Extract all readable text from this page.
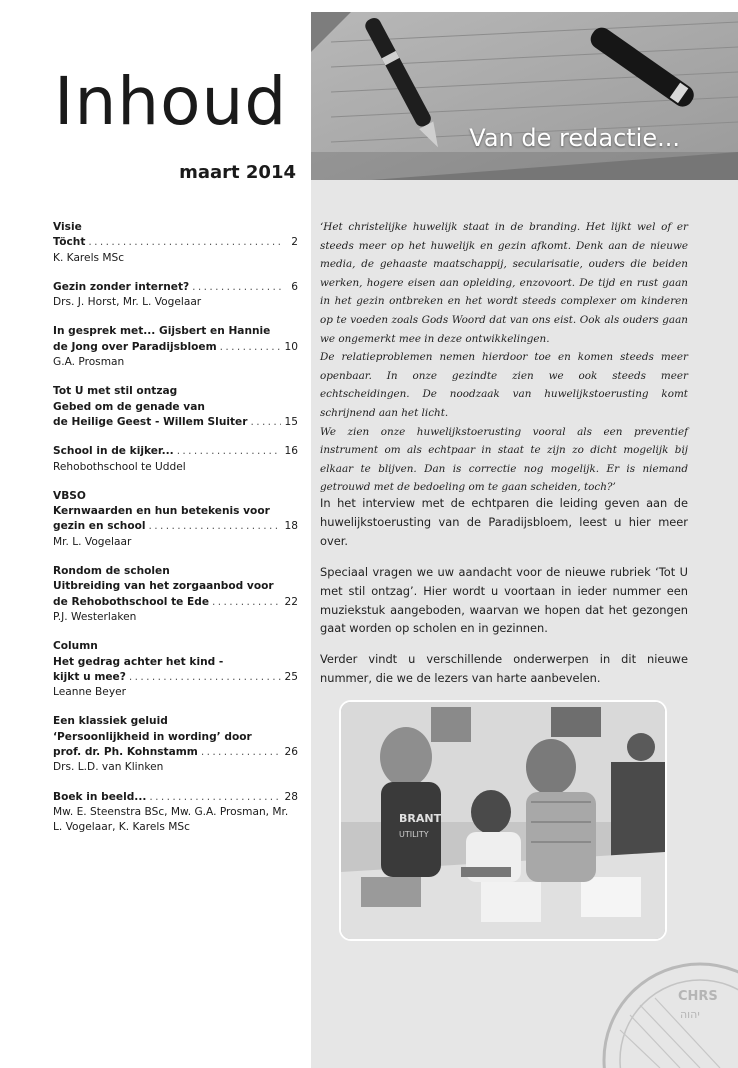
Inhoud
maart 2014
Visie
Töcht . . .	2
K. Karels MSc
Gezin zonder internet? . . .	6
Drs. J. Horst, Mr. L. Vogelaar
In gesprek met... Gijsbert en Hannie
de Jong over Paradijsbloem . . .	10
G.A. Prosman
Tot U met stil ontzag
Gebed om de genade van
de Heilige Geest - Willem Sluiter . . .	15
School in de kijker... . . .	16
Rehobothschool te Uddel
VBSO
Kernwaarden en hun betekenis voor
gezin en school . . .	18
Mr. L. Vogelaar
Rondom de scholen
Uitbreiding van het zorgaanbod voor
de Rehobothschool te Ede . . .	22
P.J. Westerlaken
Column
Het gedrag achter het kind -
kijkt u mee? . . .	25
Leanne Beyer
Een klassiek geluid
‘Persoonlijkheid in wording’ door
prof. dr. Ph. Kohnstamm . . .	26
Drs. L.D. van Klinken
Boek in beeld... . . .	28
Mw. E. Steenstra BSc, Mw. G.A. Prosman, Mr. L. Vogelaar, K. Karels MSc
Van de redactie...

‘Het christelijke huwelijk staat in de branding. Het lijkt wel of er steeds meer op het huwelijk en gezin afkomt. Denk aan de nieuwe media, de gehaaste maatschappij, secularisatie, ouders die beiden werken, hogere eisen aan opleiding, enzovoort. De tijd en rust gaan in het gezin ontbreken en het wordt steeds complexer om kinderen op te voeden zoals Gods Woord dat van ons eist. Ook als ouders gaan we ongemerkt mee in deze ontwikkelingen.

De relatieproblemen nemen hierdoor toe en komen steeds meer openbaar. In onze gezindte zien we ook steeds meer echtscheidingen. De noodzaak van huwelijkstoerusting komt schrijnend aan het licht.

We zien onze huwelijkstoerusting vooral als een preventief instrument om als echtpaar in staat te zijn zo dicht mogelijk bij elkaar te blijven. Dan is correctie nog mogelijk. Er is niemand getrouwd met de bedoeling om te gaan scheiden, toch?’

In het interview met de echtparen die leiding geven aan de huwelijkstoerusting van de Paradijsbloem, leest u hier meer over.

Speciaal vragen we uw aandacht voor de nieuwe rubriek ‘Tot U met stil ontzag’. Hier wordt u voortaan in ieder nummer een muziekstuk aangeboden, waarvan we hopen dat het gezongen gaat worden op scholen en in gezinnen.

Verder vindt u verschillende onderwerpen in dit nieuwe nummer, die we de lezers van harte aanbevelen.

BRANT
UTILITY
CHRS
יהוה
